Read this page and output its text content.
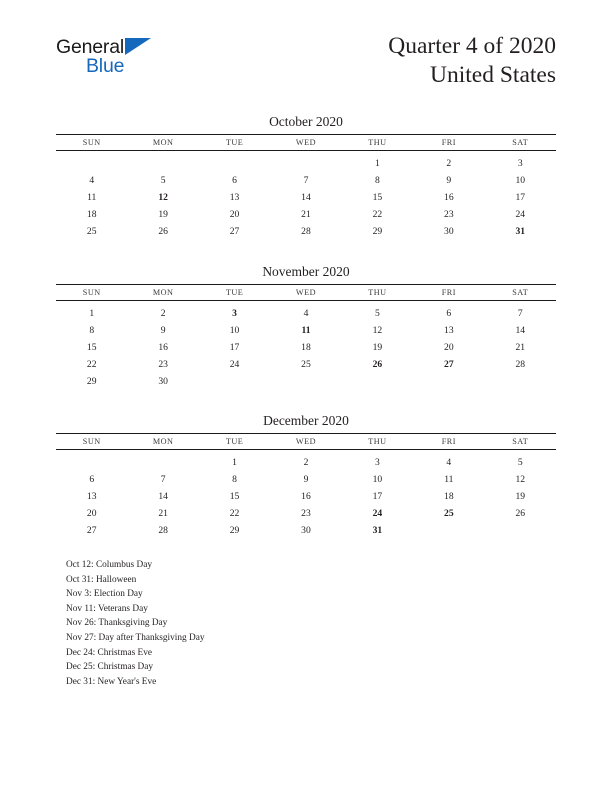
General
Blue
Quarter 4 of 2020
United States
October 2020
SUN	MON	TUE	WED	THU	FRI	SAT
				1	2	3
4	5	6	7	8	9	10
11	12	13	14	15	16	17
18	19	20	21	22	23	24
25	26	27	28	29	30	31
November 2020
SUN	MON	TUE	WED	THU	FRI	SAT
1	2	3	4	5	6	7
8	9	10	11	12	13	14
15	16	17	18	19	20	21
22	23	24	25	26	27	28
29	30					
December 2020
SUN	MON	TUE	WED	THU	FRI	SAT
		1	2	3	4	5
6	7	8	9	10	11	12
13	14	15	16	17	18	19
20	21	22	23	24	25	26
27	28	29	30	31		
Oct 12: Columbus Day
Oct 31: Halloween
Nov 3: Election Day
Nov 11: Veterans Day
Nov 26: Thanksgiving Day
Nov 27: Day after Thanksgiving Day
Dec 24: Christmas Eve
Dec 25: Christmas Day
Dec 31: New Year's Eve
